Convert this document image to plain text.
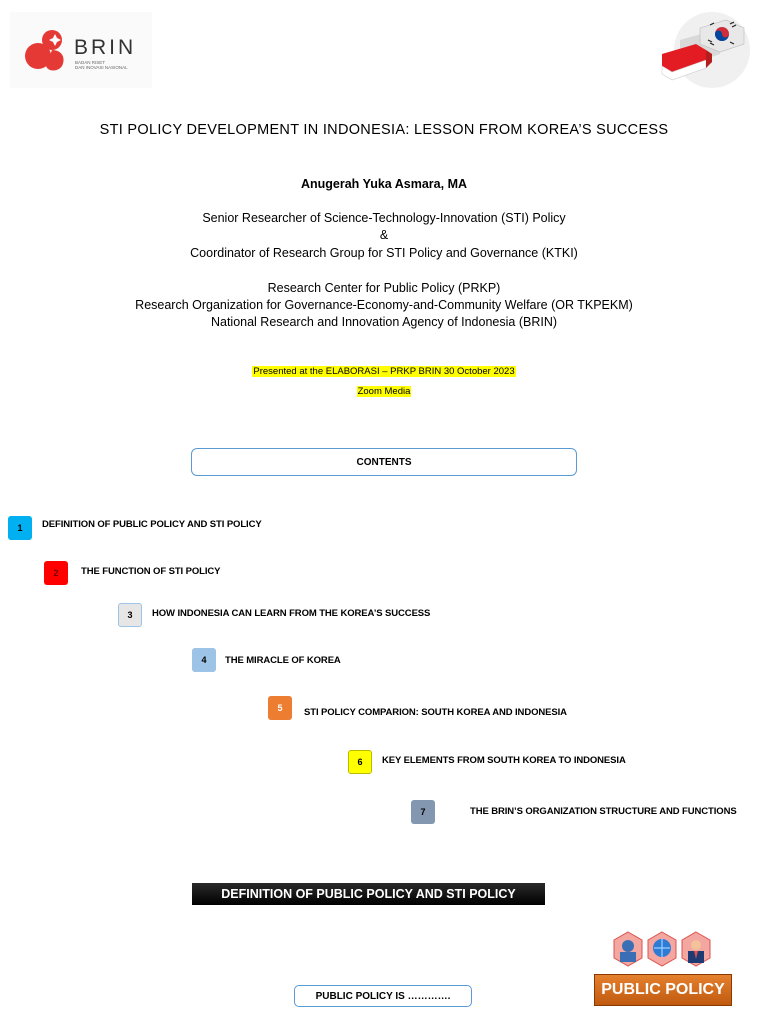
BRIN
BADAN RISET
DAN INOVASI NASIONAL
STI POLICY DEVELOPMENT IN INDONESIA: LESSON FROM KOREA’S SUCCESS
Anugerah Yuka Asmara, MA
Senior Researcher of Science-Technology-Innovation (STI) Policy
&
Coordinator of Research Group for STI Policy and Governance (KTKI)
Research Center for Public Policy (PRKP)
Research Organization for Governance-Economy-and-Community Welfare (OR TKPEKM)
National Research and Innovation Agency of Indonesia (BRIN)
Presented at the ELABORASI – PRKP BRIN 30 October 2023
Zoom Media
CONTENTS
1	DEFINITION OF PUBLIC POLICY AND STI POLICY
2	THE FUNCTION OF STI POLICY
3	HOW INDONESIA CAN LEARN FROM THE KOREA’S SUCCESS
4	THE MIRACLE OF KOREA
5	STI POLICY COMPARION: SOUTH KOREA AND INDONESIA
6	KEY ELEMENTS FROM SOUTH KOREA TO INDONESIA
7	THE BRIN’S ORGANIZATION STRUCTURE AND FUNCTIONS
DEFINITION OF PUBLIC POLICY AND STI POLICY
PUBLIC POLICY IS ………….	PUBLIC POLICY
